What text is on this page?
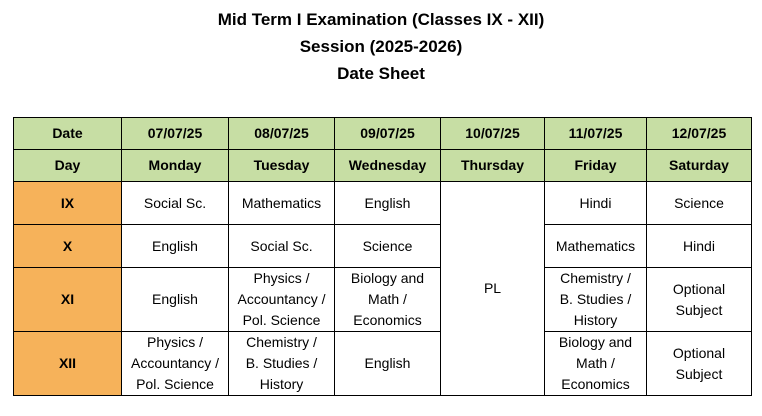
Mid Term I Examination (Classes IX - XII)
Session (2025-2026)
Date Sheet
Date	07/07/25	08/07/25	09/07/25	10/07/25	11/07/25	12/07/25
Day	Monday	Tuesday	Wednesday	Thursday	Friday	Saturday
IX	Social Sc.	Mathematics	English	PL	Hindi	Science

X	English	Social Sc.	Science		Mathematics	Hindi

XI	English	Physics /
Accountancy /
Pol. Science	Biology and
Math /
Economics		Chemistry /
B. Studies /
History	Optional
Subject

XII	Physics /
Accountancy /
Pol. Science	Chemistry /
B. Studies /
History	English		Biology and
Math /
Economics	Optional
Subject
